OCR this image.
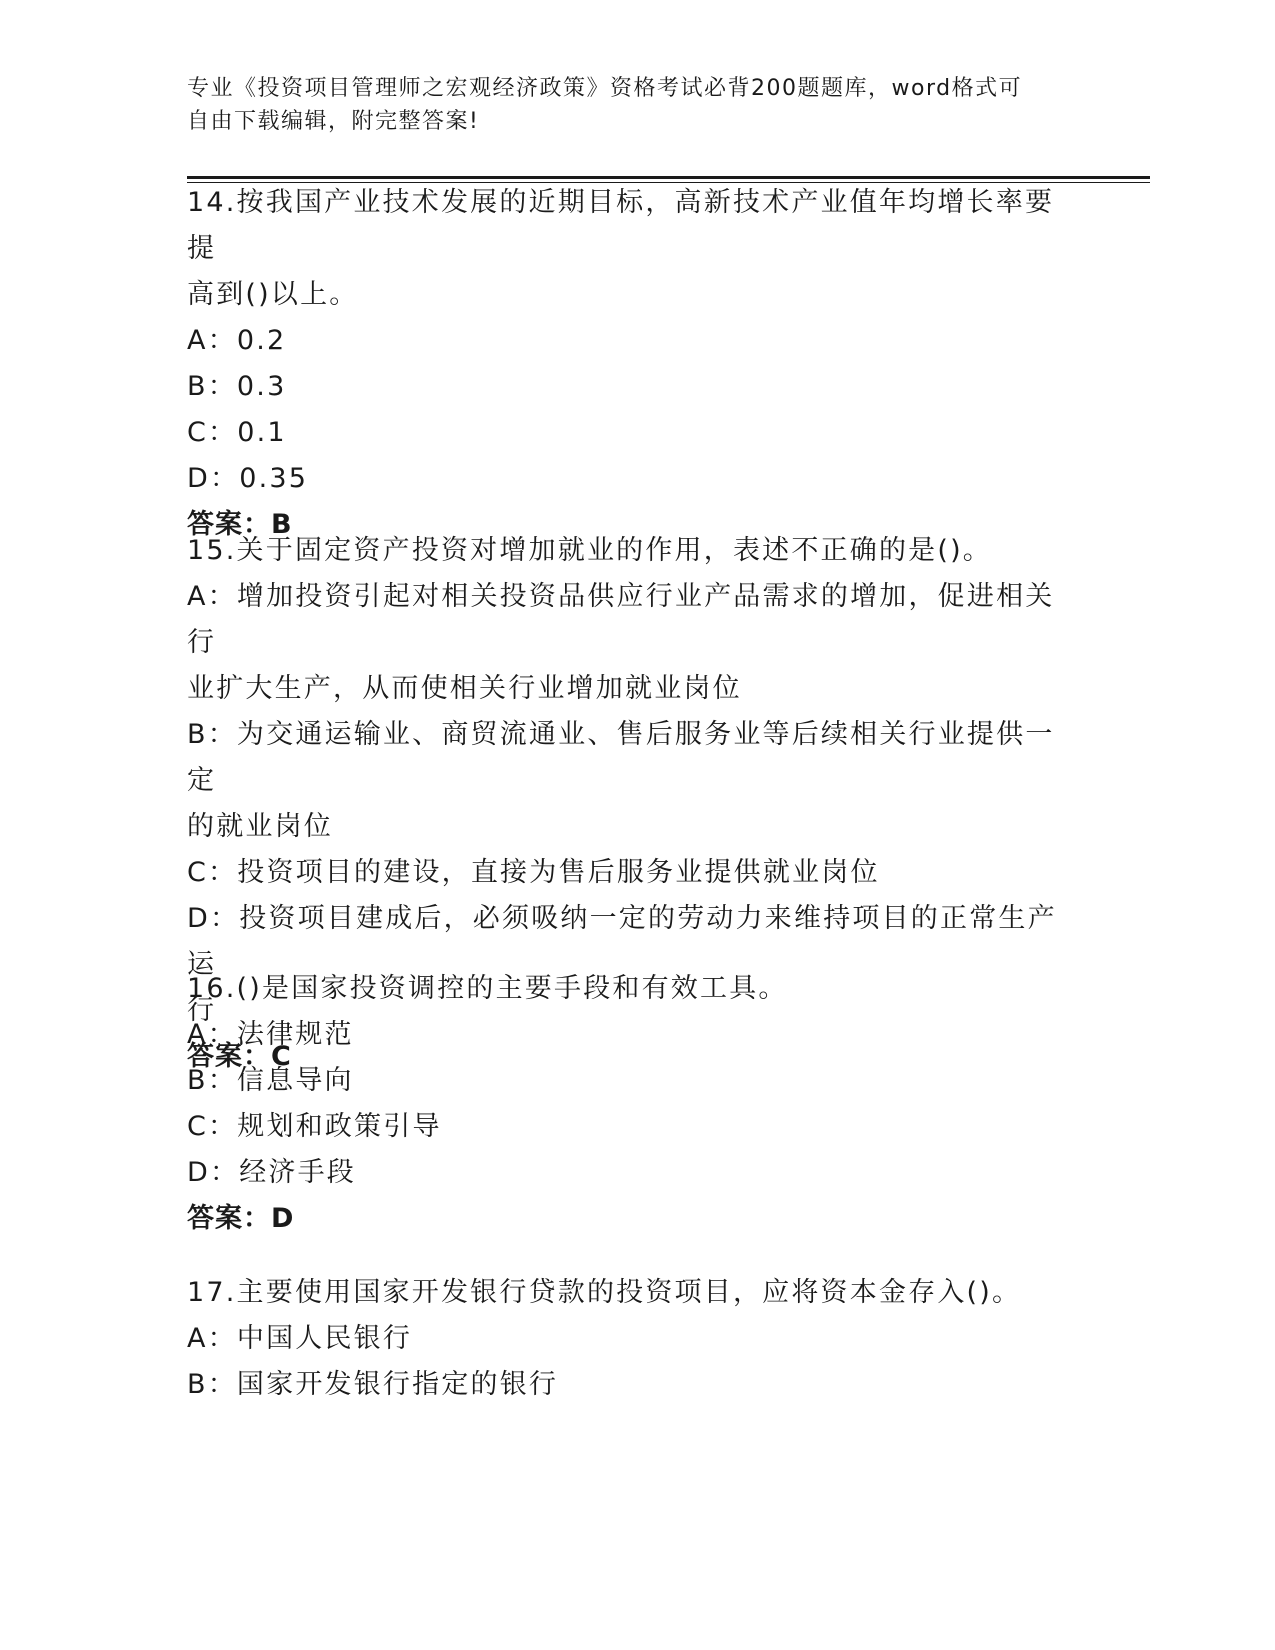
专业《投资项目管理师之宏观经济政策》资格考试必背200题题库，word格式可
自由下载编辑，附完整答案!
14.按我国产业技术发展的近期目标，高新技术产业值年均增长率要提
高到()以上。
A：0.2
B：0.3
C：0.1
D：0.35
答案：B
15.关于固定资产投资对增加就业的作用，表述不正确的是()。
A：增加投资引起对相关投资品供应行业产品需求的增加，促进相关行
业扩大生产，从而使相关行业增加就业岗位
B：为交通运输业、商贸流通业、售后服务业等后续相关行业提供一定
的就业岗位
C：投资项目的建设，直接为售后服务业提供就业岗位
D：投资项目建成后，必须吸纳一定的劳动力来维持项目的正常生产运
行
答案：C
16.()是国家投资调控的主要手段和有效工具。
A：法律规范
B：信息导向
C：规划和政策引导
D：经济手段
答案：D
17.主要使用国家开发银行贷款的投资项目，应将资本金存入()。
A：中国人民银行
B：国家开发银行指定的银行
